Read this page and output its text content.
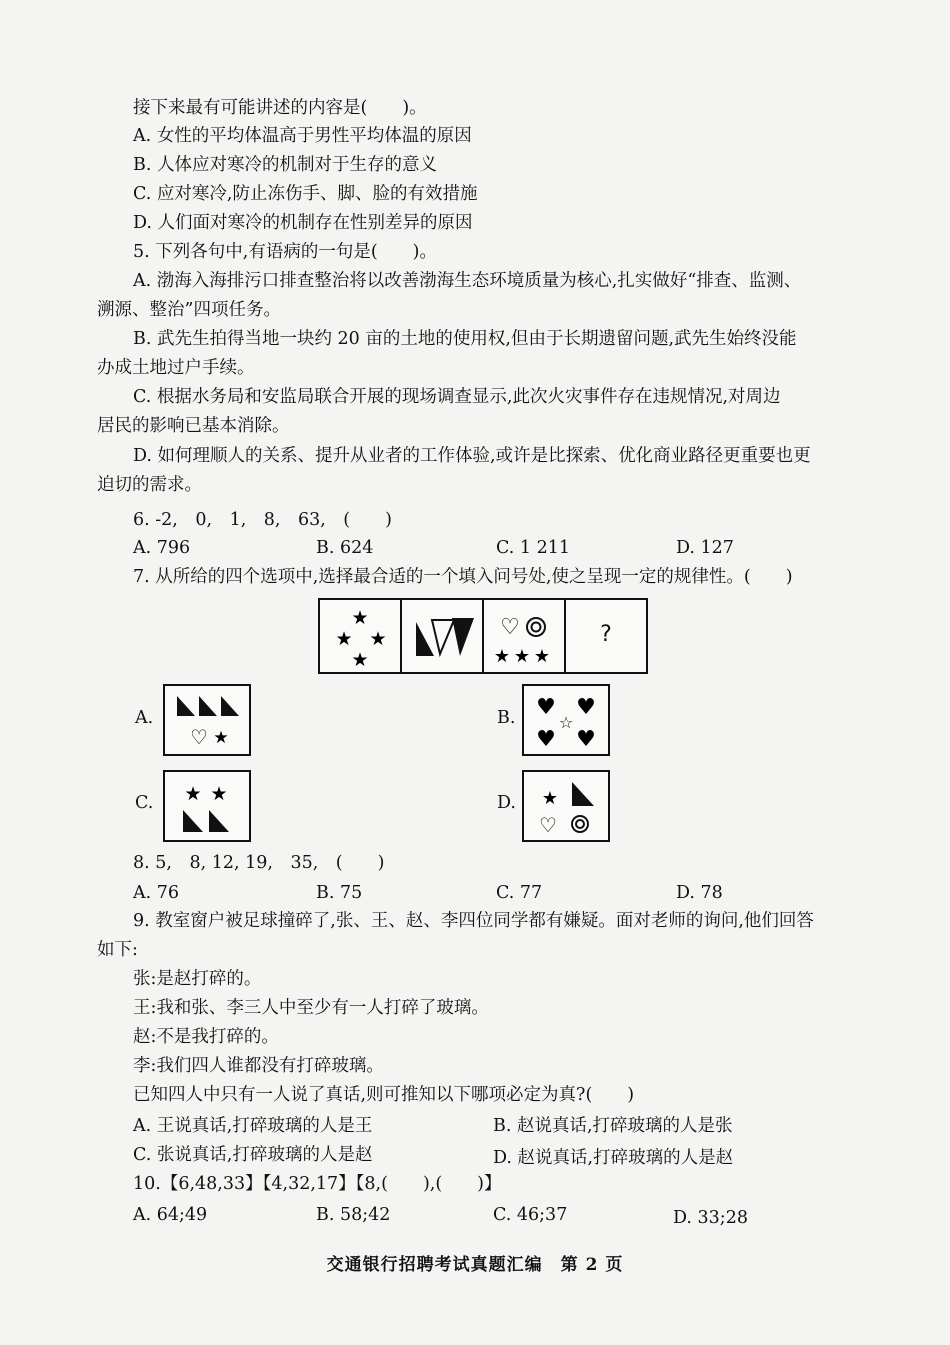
接下来最有可能讲述的内容是(　　)。
A. 女性的平均体温高于男性平均体温的原因
B. 人体应对寒冷的机制对于生存的意义
C. 应对寒冷,防止冻伤手、脚、脸的有效措施
D. 人们面对寒冷的机制存在性别差异的原因
5. 下列各句中,有语病的一句是(　　)。
A. 渤海入海排污口排查整治将以改善渤海生态环境质量为核心,扎实做好“排查、监测、
溯源、整治”四项任务。
B. 武先生拍得当地一块约 20 亩的土地的使用权,但由于长期遗留问题,武先生始终没能
办成土地过户手续。
C. 根据水务局和安监局联合开展的现场调查显示,此次火灾事件存在违规情况,对周边
居民的影响已基本消除。
D. 如何理顺人的关系、提升从业者的工作体验,或许是比探索、优化商业路径更重要也更
迫切的需求。
6. -2,　0,　1,　8,　63,　(　　)
A. 796	B. 624	C. 1 211	D. 127
7. 从所给的四个选项中,选择最合适的一个填入问号处,使之呈现一定的规律性。(　　)
★
★ ★
★
♡
★ ★ ★
?
A.
♡ ★
B. ♥ ♥
☆
♥ ♥
C. ★ ★	D. ★
♡
8. 5,　8, 12, 19,　35,　(　　)
A. 76	B. 75	C. 77	D. 78
9. 教室窗户被足球撞碎了,张、王、赵、李四位同学都有嫌疑。面对老师的询问,他们回答
如下:
张:是赵打碎的。
王:我和张、李三人中至少有一人打碎了玻璃。
赵:不是我打碎的。
李:我们四人谁都没有打碎玻璃。
已知四人中只有一人说了真话,则可推知以下哪项必定为真?(　　)
A. 王说真话,打碎玻璃的人是王	B. 赵说真话,打碎玻璃的人是张
C. 张说真话,打碎玻璃的人是赵	D. 赵说真话,打碎玻璃的人是赵
10.【6,48,33】【4,32,17】【8,(　　),(　　)】
A. 64;49	B. 58;42	C. 46;37	D. 33;28
交通银行招聘考试真题汇编　第 2 页
